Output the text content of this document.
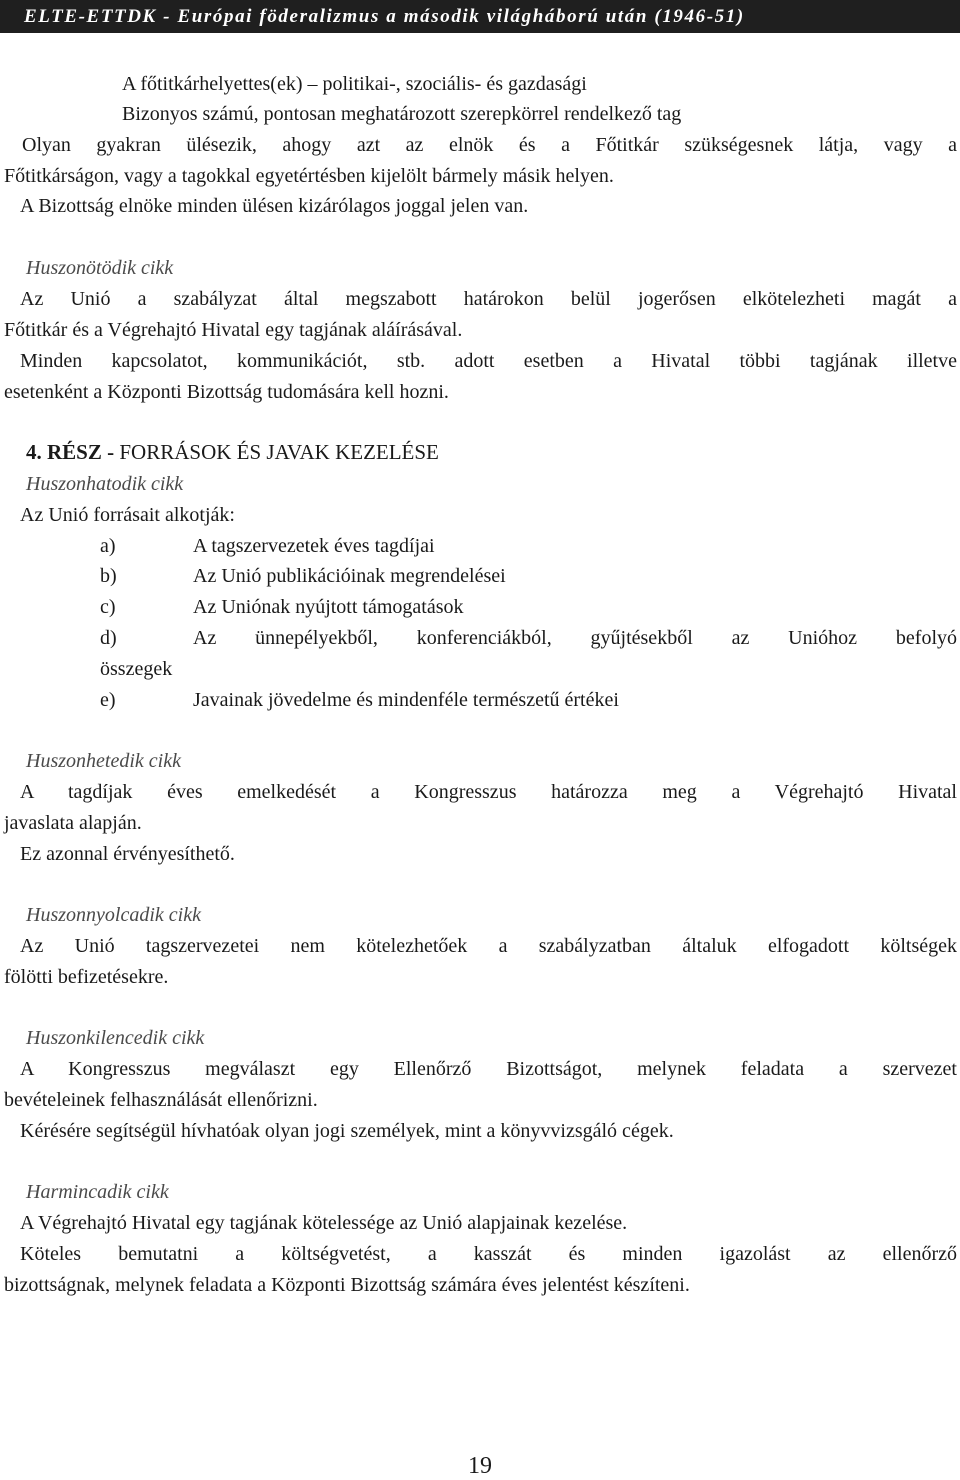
ELTE-ETTDK - Európai föderalizmus a második világháború után (1946-51)
A főtitkárhelyettes(ek) – politikai-, szociális- és gazdasági
Bizonyos számú, pontosan meghatározott szerepkörrel rendelkező tag
Olyan gyakran ülésezik, ahogy azt az elnök és a Főtitkár szükségesnek látja, vagy a
Főtitkárságon, vagy a tagokkal egyetértésben kijelölt bármely másik helyen.
A Bizottság elnöke minden ülésen kizárólagos joggal jelen van.
Huszonötödik cikk
Az Unió a szabályzat által megszabott határokon belül jogerősen elkötelezheti magát a
Főtitkár és a Végrehajtó Hivatal egy tagjának aláírásával.
Minden kapcsolatot, kommunikációt, stb. adott esetben a Hivatal többi tagjának illetve
esetenként a Központi Bizottság tudomására kell hozni.
4. RÉSZ - FORRÁSOK ÉS JAVAK KEZELÉSE
Huszonhatodik cikk
Az Unió forrásait alkotják:
a)	A tagszervezetek éves tagdíjai
b)	Az Unió publikációinak megrendelései
c)	Az Uniónak nyújtott támogatások
d)	Az ünnepélyekből, konferenciákból, gyűjtésekből az Unióhoz befolyó
összegek
e)	Javainak jövedelme és mindenféle természetű értékei
Huszonhetedik cikk
A tagdíjak éves emelkedését a Kongresszus határozza meg a Végrehajtó Hivatal
javaslata alapján.
Ez azonnal érvényesíthető.
Huszonnyolcadik cikk
Az Unió tagszervezetei nem kötelezhetőek a szabályzatban általuk elfogadott költségek
fölötti befizetésekre.
Huszonkilencedik cikk
A Kongresszus megválaszt egy Ellenőrző Bizottságot, melynek feladata a szervezet
bevételeinek felhasználását ellenőrizni.
Kérésére segítségül hívhatóak olyan jogi személyek, mint a könyvvizsgáló cégek.
Harmincadik cikk
A Végrehajtó Hivatal egy tagjának kötelessége az Unió alapjainak kezelése.
Köteles bemutatni a költségvetést, a kasszát és minden igazolást az ellenőrző
bizottságnak, melynek feladata a Központi Bizottság számára éves jelentést készíteni.
19
